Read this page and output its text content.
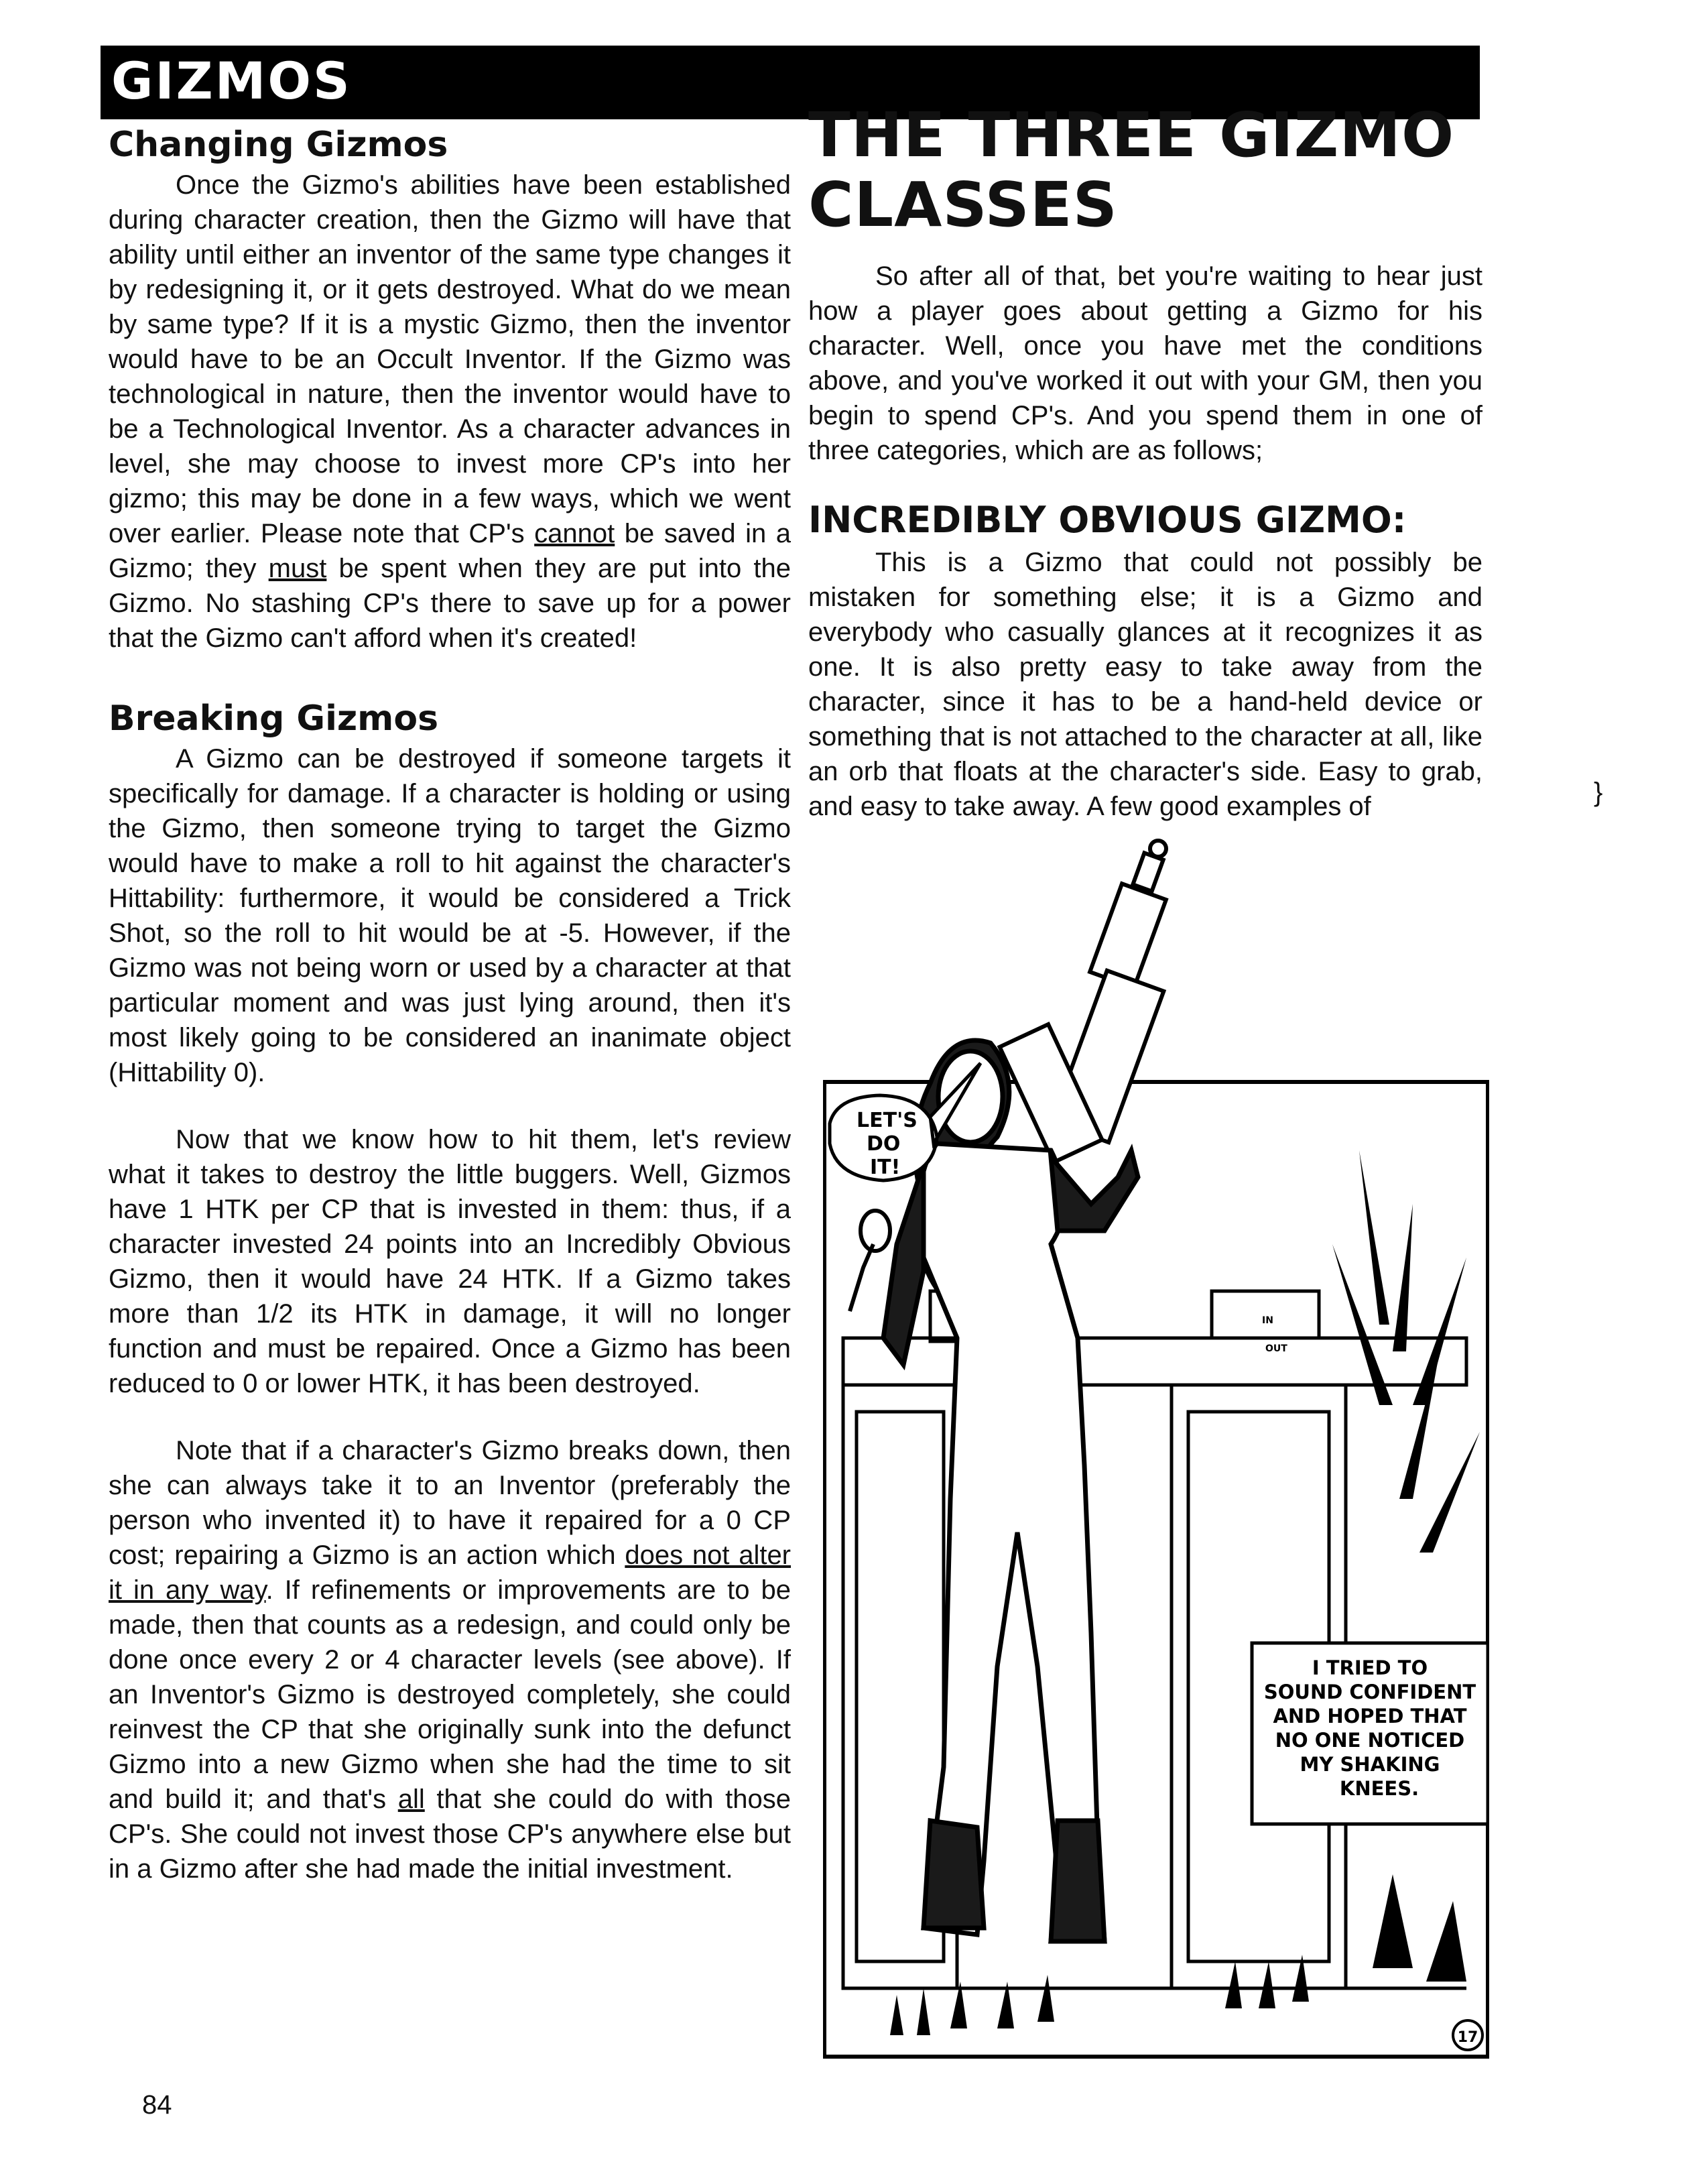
GIZMOS
Changing Gizmos

Once the Gizmo's abilities have been established during character creation, then the Gizmo will have that ability until either an inventor of the same type changes it by redesigning it, or it gets destroyed. What do we mean by same type? If it is a mystic Gizmo, then the inventor would have to be an Occult Inventor. If the Gizmo was technological in nature, then the inventor would have to be a Technological Inventor. As a character advances in level, she may choose to invest more CP's into her gizmo; this may be done in a few ways, which we went over earlier. Please note that CP's cannot be saved in a Gizmo; they must be spent when they are put into the Gizmo. No stashing CP's there to save up for a power that the Gizmo can't afford when it's created!

Breaking Gizmos

A Gizmo can be destroyed if someone targets it specifically for damage. If a character is holding or using the Gizmo, then someone trying to target the Gizmo would have to make a roll to hit against the character's Hittability: furthermore, it would be considered a Trick Shot, so the roll to hit would be at -5. However, if the Gizmo was not being worn or used by a character at that particular moment and was just lying around, then it's most likely going to be considered an inanimate object (Hittability 0).

Now that we know how to hit them, let's review what it takes to destroy the little buggers. Well, Gizmos have 1 HTK per CP that is invested in them: thus, if a character invested 24 points into an Incredibly Obvious Gizmo, then it would have 24 HTK. If a Gizmo takes more than 1/2 its HTK in damage, it will no longer function and must be repaired. Once a Gizmo has been reduced to 0 or lower HTK, it has been destroyed.

Note that if a character's Gizmo breaks down, then she can always take it to an Inventor (preferably the person who invented it) to have it repaired for a 0 CP cost; repairing a Gizmo is an action which does not alter it in any way. If refinements or improvements are to be made, then that counts as a redesign, and could only be done once every 2 or 4 character levels (see above). If an Inventor's Gizmo is destroyed completely, she could reinvest the CP that she originally sunk into the defunct Gizmo into a new Gizmo when she had the time to sit and build it; and that's all that she could do with those CP's. She could not invest those CP's anywhere else but in a Gizmo after she had made the initial investment.

THE THREE GIZMO
CLASSES

So after all of that, bet you're waiting to hear just how a player goes about getting a Gizmo for his character. Well, once you have met the conditions above, and you've worked it out with your GM, then you begin to spend CP's. And you spend them in one of three categories, which are as follows;

INCREDIBLY OBVIOUS GIZMO:

This is a Gizmo that could not possibly be mistaken for something else; it is a Gizmo and everybody who casually glances at it recognizes it as one. It is also pretty easy to take away from the character, since it has to be a hand-held device or something that is not attached to the character at all, like an orb that floats at the character's side. Easy to grab, and easy to take away. A few good examples of	}
IN
OUT
LET'S
DO
IT!
I TRIED TO
SOUND CONFIDENT
AND HOPED THAT
NO ONE NOTICED
MY SHAKING
KNEES.
17
84
